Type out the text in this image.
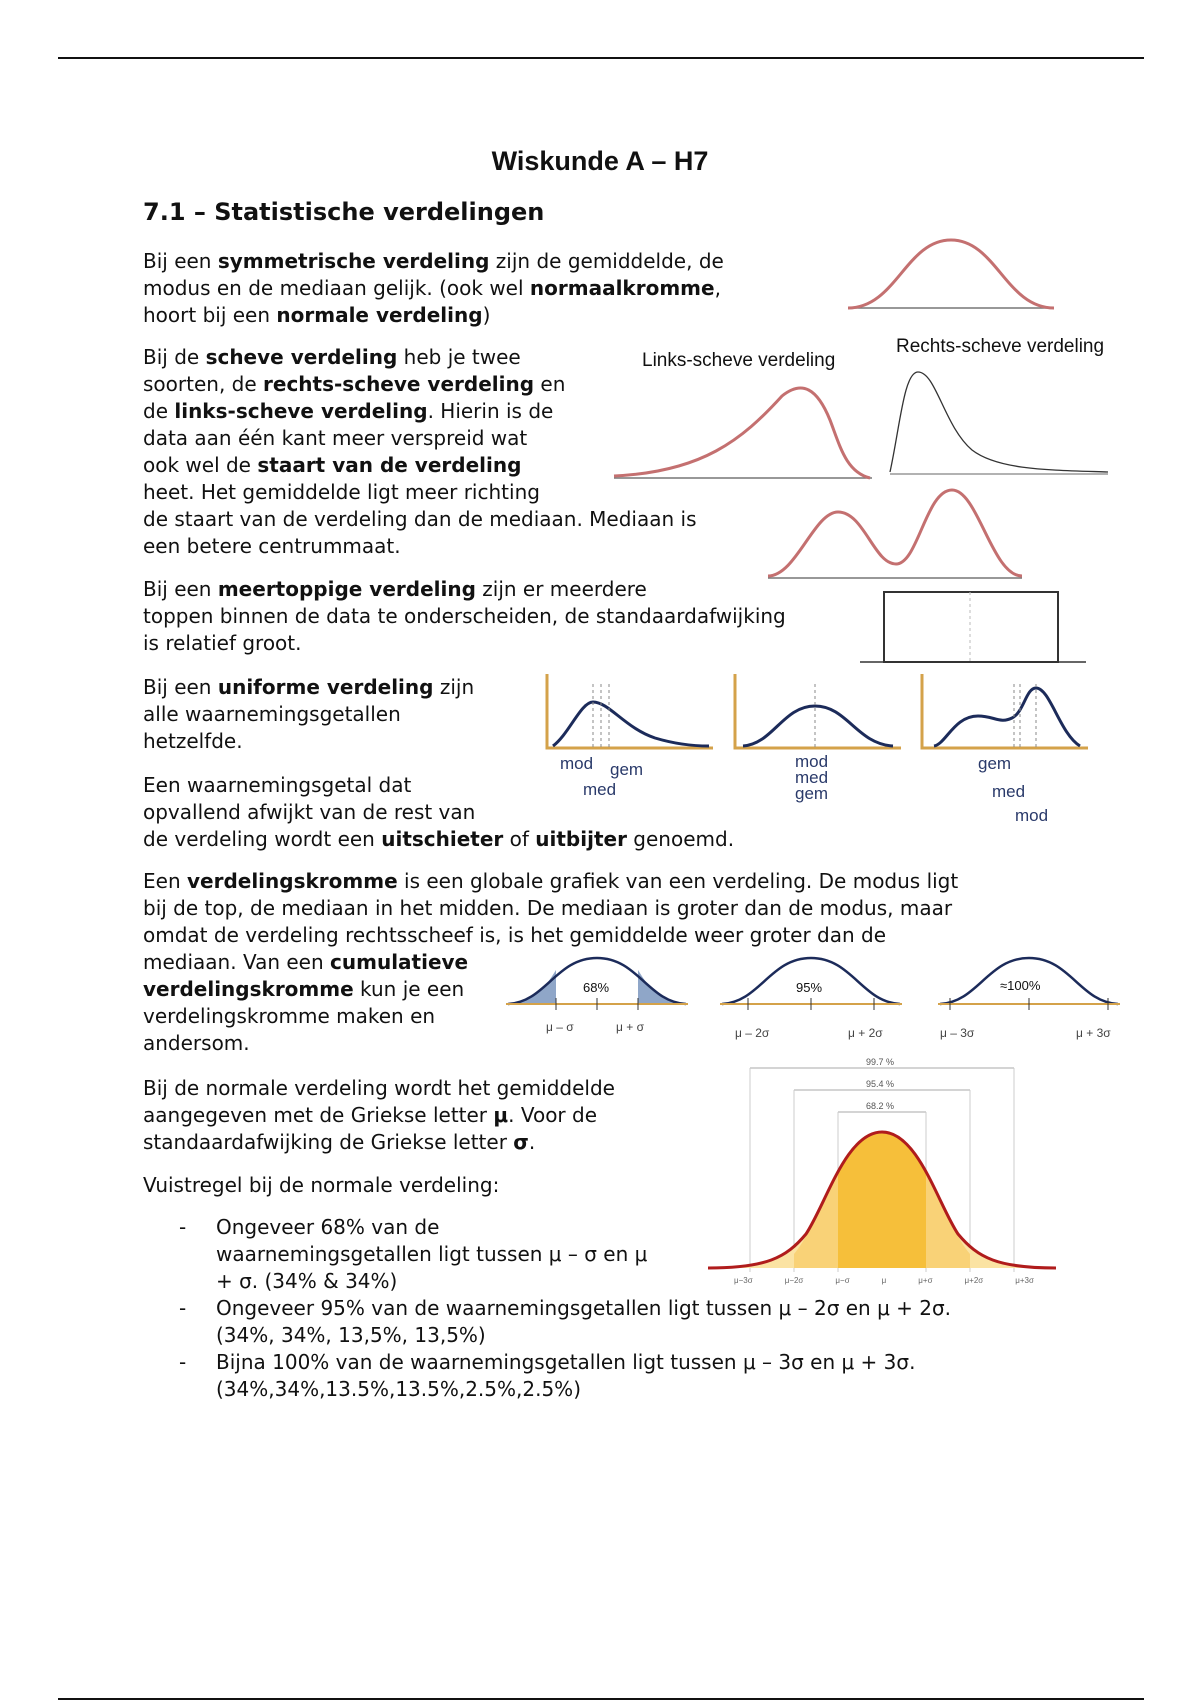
Wiskunde A – H7
7.1 – Statistische verdelingen

Bij een symmetrische verdeling zijn de gemiddelde, de
modus en de mediaan gelijk. (ook wel normaalkromme,
hoort bij een normale verdeling)

Bij de scheve verdeling heb je twee
soorten, de rechts-scheve verdeling en
de links-scheve verdeling. Hierin is de
data aan één kant meer verspreid wat
ook wel de staart van de verdeling
heet. Het gemiddelde ligt meer richting
de staart van de verdeling dan de mediaan. Mediaan is
een betere centrummaat.

Bij een meertoppige verdeling zijn er meerdere
toppen binnen de data te onderscheiden, de standaardafwijking
is relatief groot.

Bij een uniforme verdeling zijn
alle waarnemingsgetallen
hetzelfde.

Een waarnemingsgetal dat
opvallend afwijkt van de rest van
de verdeling wordt een uitschieter of uitbijter genoemd.

Een verdelingskromme is een globale grafiek van een verdeling. De modus ligt
bij de top, de mediaan in het midden. De mediaan is groter dan de modus, maar
omdat de verdeling rechtsscheef is, is het gemiddelde weer groter dan de
mediaan. Van een cumulatieve
verdelingskromme kun je een
verdelingskromme maken en
andersom.

Bij de normale verdeling wordt het gemiddelde
aangegeven met de Griekse letter μ. Voor de
standaardafwijking de Griekse letter σ.

Vuistregel bij de normale verdeling:

- Ongeveer 68% van de
waarnemingsgetallen ligt tussen μ – σ en μ
+ σ. (34% & 34%)
- Ongeveer 95% van de waarnemingsgetallen ligt tussen μ – 2σ en μ + 2σ.
(34%, 34%, 13,5%, 13,5%)
- Bijna 100% van de waarnemingsgetallen ligt tussen μ – 3σ en μ + 3σ.
(34%,34%,13.5%,13.5%,2.5%,2.5%)
Links-scheve verdeling
Rechts-scheve verdeling
mod gem
med
mod
med
gem
gem
med
mod
68%
μ – σ	μ + σ
95%
μ – 2σ	μ + 2σ
≈100%
μ – 3σ	μ + 3σ
99.7 %
95.4 %
68.2 %
μ−3σ	μ−2σ	μ−σ	μ	μ+σ	μ+2σ	μ+3σ
